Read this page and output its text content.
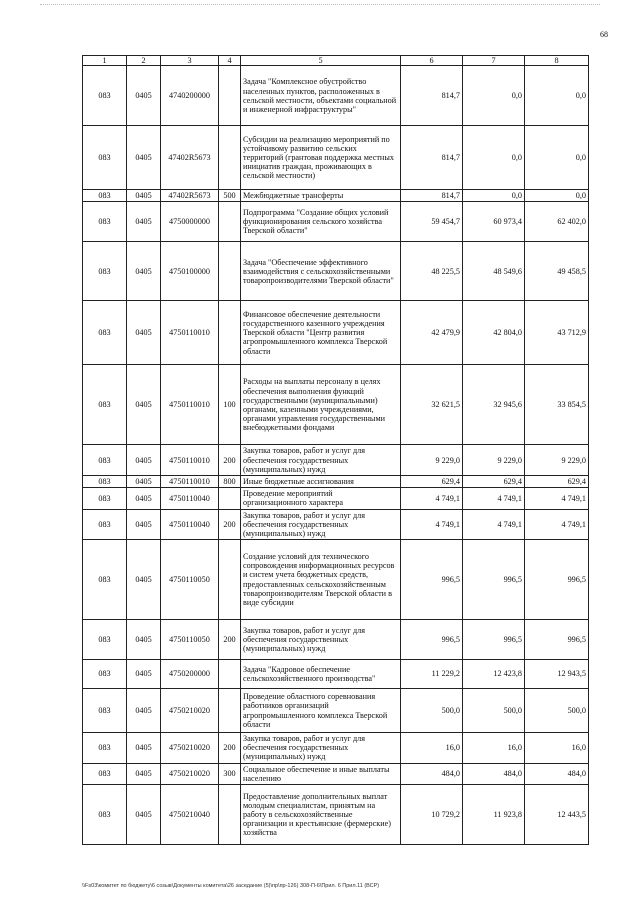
68
1	2	3	4	5	6	7	8
083	0405	4740200000		Задача "Комплексное обустройство населенных пунктов, расположенных в сельской местности, объектами социальной и инженерной инфраструктуры"	814,7	0,0	0,0
083	0405	47402R5673		Субсидии на реализацию мероприятий по устойчивому развитию сельских территорий (грантовая поддержка местных инициатив граждан, проживающих в сельской местности)	814,7	0,0	0,0
083	0405	47402R5673	500	Межбюджетные трансферты	814,7	0,0	0,0
083	0405	4750000000		Подпрограмма "Создание общих условий функционирования сельского хозяйства Тверской области"	59 454,7	60 973,4	62 402,0
083	0405	4750100000		Задача "Обеспечение эффективного взаимодействия с сельскохозяйственными товаропроизводителями Тверской области"	48 225,5	48 549,6	49 458,5
083	0405	4750110010		Финансовое обеспечение деятельности государственного казенного учреждения Тверской области "Центр развития агропромышленного комплекса Тверской области	42 479,9	42 804,0	43 712,9
083	0405	4750110010	100	Расходы на выплаты персоналу в целях обеспечения выполнения функций государственными (муниципальными) органами, казенными учреждениями, органами управления государственными внебюджетными фондами	32 621,5	32 945,6	33 854,5
083	0405	4750110010	200	Закупка товаров, работ и услуг для обеспечения государственных (муниципальных) нужд	9 229,0	9 229,0	9 229,0
083	0405	4750110010	800	Иные бюджетные ассигнования	629,4	629,4	629,4
083	0405	4750110040		Проведение мероприятий организационного характера	4 749,1	4 749,1	4 749,1
083	0405	4750110040	200	Закупка товаров, работ и услуг для обеспечения государственных (муниципальных) нужд	4 749,1	4 749,1	4 749,1
083	0405	4750110050		Создание условий для технического сопровождения информационных ресурсов и систем учета бюджетных средств, предоставленных сельскохозяйственным товаропроизводителям Тверской области в виде субсидии	996,5	996,5	996,5
083	0405	4750110050	200	Закупка товаров, работ и услуг для обеспечения государственных (муниципальных) нужд	996,5	996,5	996,5
083	0405	4750200000		Задача "Кадровое обеспечение сельскохозяйственного производства"	11 229,2	12 423,8	12 943,5
083	0405	4750210020		Проведение областного соревнования работников организаций агропромышленного комплекса Тверской области	500,0	500,0	500,0
083	0405	4750210020	200	Закупка товаров, работ и услуг для обеспечения государственных (муниципальных) нужд	16,0	16,0	16,0
083	0405	4750210020	300	Социальное обеспечение и иные выплаты населению	484,0	484,0	484,0
083	0405	4750210040		Предоставление дополнительных выплат молодым специалистам, принятым на работу в сельскохозяйственные организации и крестьянские (фермерские) хозяйства	10 729,2	11 923,8	12 443,5
\\Fs03\комитет по бюджету\6 созыв\Документы комитета\26 заседание (5)\пр\пр-126) 308-П-6\Прил. 6 Прил.11 (ВСР)
